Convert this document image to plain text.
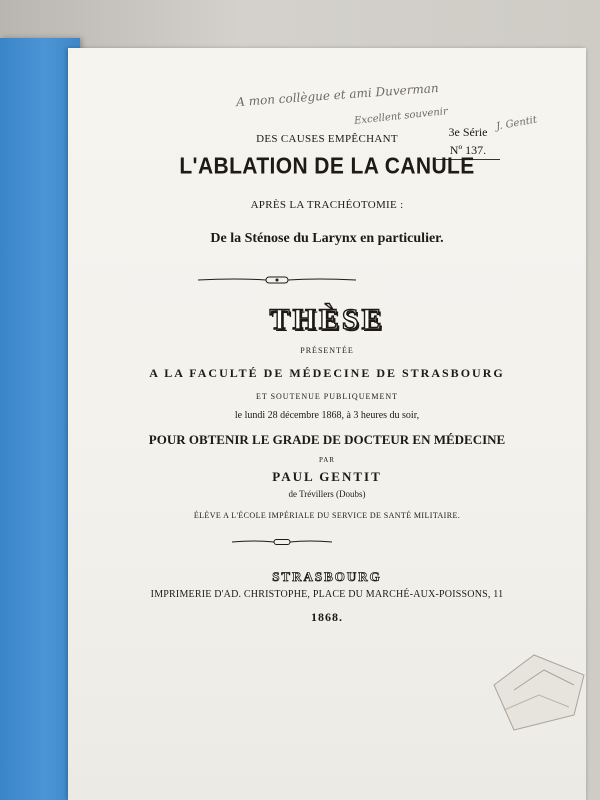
A mon collègue et ami Duverman
Excellent souvenir	J. Gentit
3e Série
Nº 137.
DES CAUSES EMPÊCHANT
L'ABLATION DE LA CANULE
APRÈS LA TRACHÉOTOMIE :
De la Sténose du Larynx en particulier.
THÈSE
PRÉSENTÉE
A LA FACULTÉ DE MÉDECINE DE STRASBOURG
ET SOUTENUE PUBLIQUEMENT
le lundi 28 décembre 1868, à 3 heures du soir,
POUR OBTENIR LE GRADE DE DOCTEUR EN MÉDECINE
PAR
PAUL GENTIT
de Trévillers (Doubs)
ÉLÈVE A L'ÉCOLE IMPÉRIALE DU SERVICE DE SANTÉ MILITAIRE.
STRASBOURG
IMPRIMERIE D'AD. CHRISTOPHE, PLACE DU MARCHÉ-AUX-POISSONS, 11
1868.
